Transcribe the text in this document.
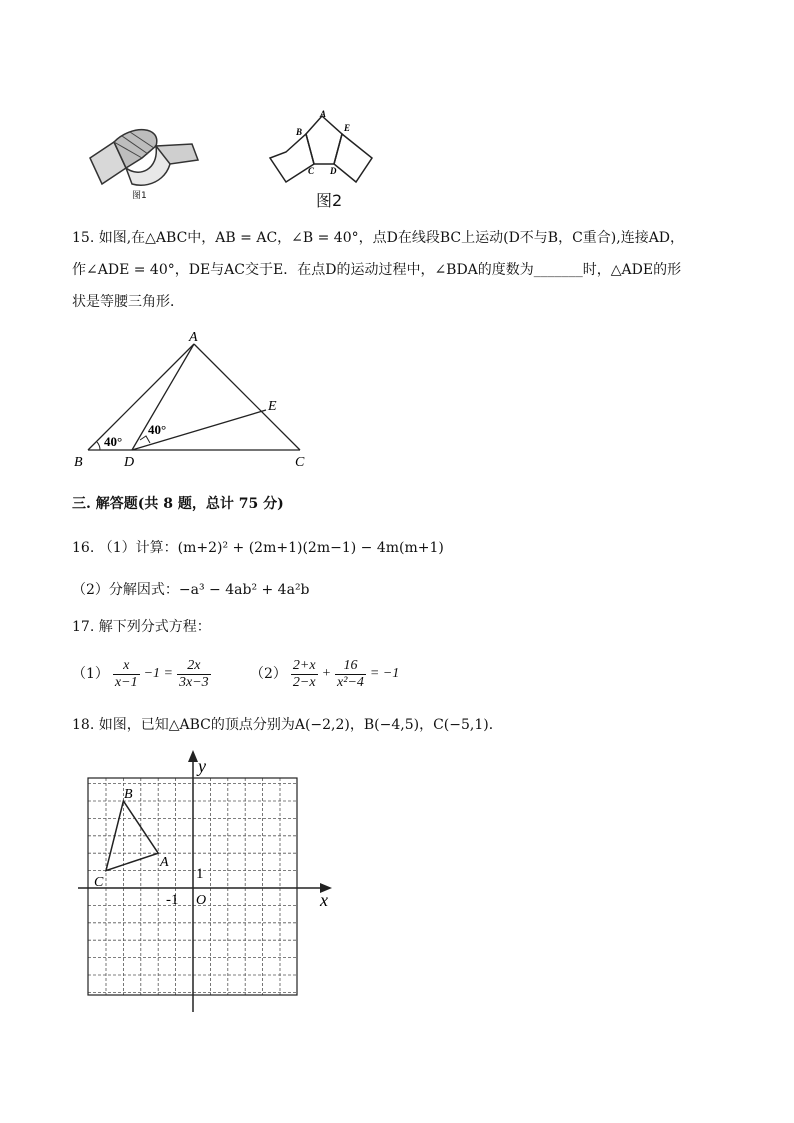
图1
A
B	E
C D
图2
15. 如图,在△ABC中，AB = AC，∠B = 40°，点D在线段BC上运动(D不与B，C重合),连接AD，
作∠ADE = 40°，DE与AC交于E．在点D的运动过程中，∠BDA的度数为_______时，△ADE的形
状是等腰三角形．
A
B	D	C
E
40°
40°
三. 解答题(共 8 题，总计 75 分)
16. （1）计算：(m+2)² + (2m+1)(2m−1) − 4m(m+1)
（2）分解因式：−a³ − 4ab² + 4a²b
17. 解下列分式方程：
$(1) \frac{x}{x-1} -1 = \frac{2x}{3x-3}$	$(2) \frac{2+x}{2-x} + \frac{16}{\text{x²−4}} = -1$
18. 如图，已知△ABC的顶点分别为A(−2,2)，B(−4,5)，C(−5,1)．
x
y
O
-1
1
A
B
C
